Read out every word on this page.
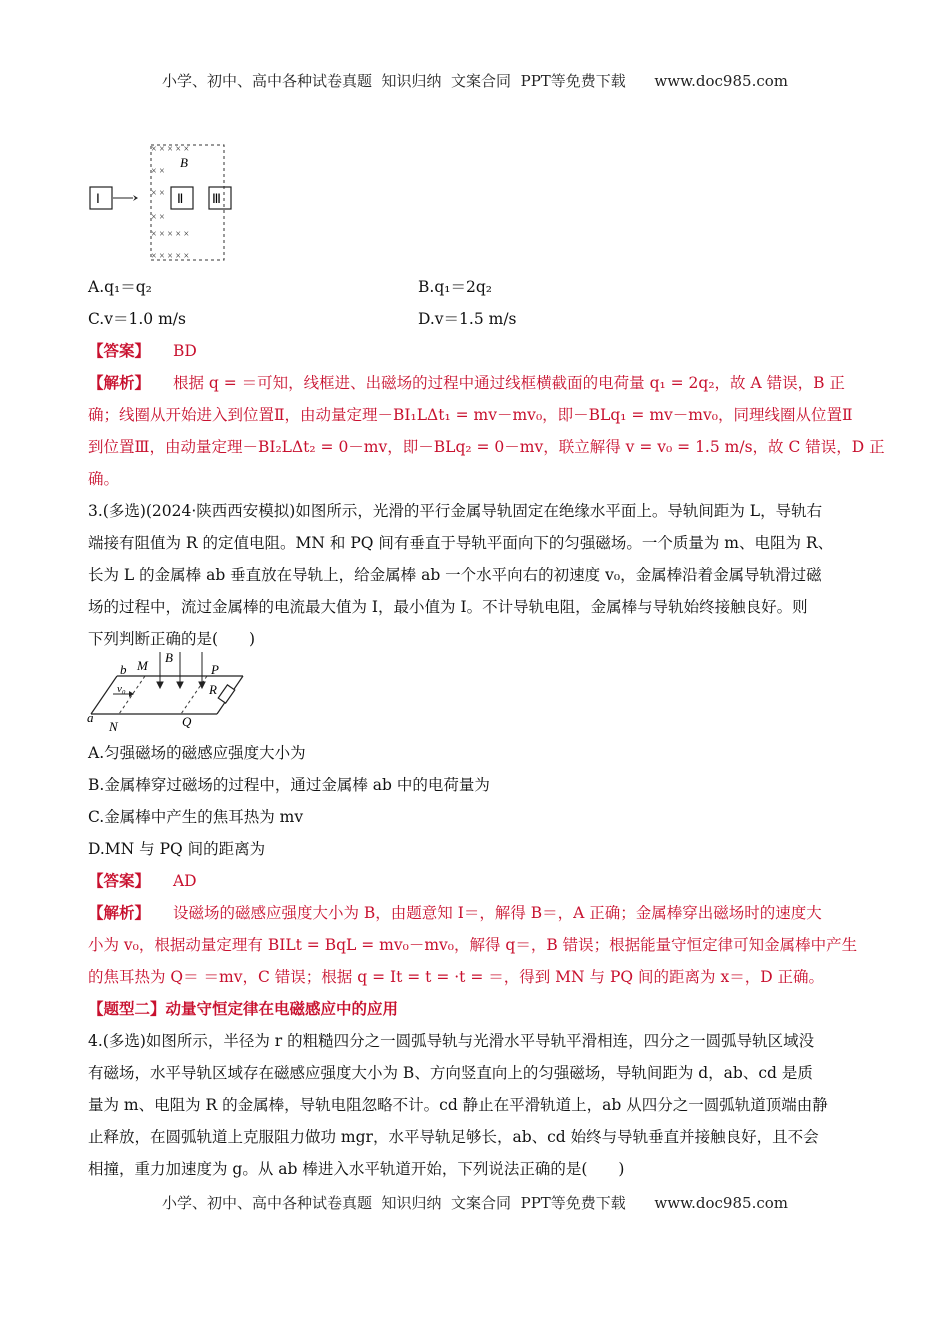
小学、初中、高中各种试卷真题  知识归纳  文案合同  PPT等免费下载      www.doc985.com
× × × × ×
× ×
× ×
× ×
× × × × ×
× × × × ×
B
Ⅰ	Ⅱ Ⅲ
A.q₁＝q₂	B.q₁＝2q₂
C.v＝1.0 m/s	D.v＝1.5 m/s
【答案】 BD
【解析】 根据 q = ＝可知，线框进、出磁场的过程中通过线框横截面的电荷量 q₁ = 2q₂，故 A 错误，B 正
确；线圈从开始进入到位置Ⅱ，由动量定理－BI₁LΔt₁ = mv－mv₀，即－BLq₁ = mv－mv₀，同理线圈从位置Ⅱ
到位置Ⅲ，由动量定理－BI₂LΔt₂ = 0－mv，即－BLq₂ = 0－mv，联立解得 v = v₀ = 1.5 m/s，故 C 错误，D 正
确。
3.(多选)(2024·陕西西安模拟)如图所示，光滑的平行金属导轨固定在绝缘水平面上。导轨间距为 L，导轨右
端接有阻值为 R 的定值电阻。MN 和 PQ 间有垂直于导轨平面向下的匀强磁场。一个质量为 m、电阻为 R、
长为 L 的金属棒 ab 垂直放在导轨上，给金属棒 ab 一个水平向右的初速度 v₀，金属棒沿着金属导轨滑过磁
场的过程中，流过金属棒的电流最大值为 I，最小值为 I。不计导轨电阻，金属棒与导轨始终接触良好。则
下列判断正确的是(　　)
b M
B
P
v₀	R
a
N	Q
A.匀强磁场的磁感应强度大小为
B.金属棒穿过磁场的过程中，通过金属棒 ab 中的电荷量为
C.金属棒中产生的焦耳热为 mv
D.MN 与 PQ 间的距离为
【答案】 AD
【解析】 设磁场的磁感应强度大小为 B，由题意知 I＝，解得 B＝，A 正确；金属棒穿出磁场时的速度大
小为 v₀，根据动量定理有 BILt = BqL = mv₀－mv₀，解得 q＝，B 错误；根据能量守恒定律可知金属棒中产生
的焦耳热为 Q＝ ＝mv，C 错误；根据 q = It = t = ·t = ＝，得到 MN 与 PQ 间的距离为 x＝，D 正确。
【题型二】动量守恒定律在电磁感应中的应用
4.(多选)如图所示，半径为 r 的粗糙四分之一圆弧导轨与光滑水平导轨平滑相连，四分之一圆弧导轨区域没
有磁场，水平导轨区域存在磁感应强度大小为 B、方向竖直向上的匀强磁场，导轨间距为 d，ab、cd 是质
量为 m、电阻为 R 的金属棒，导轨电阻忽略不计。cd 静止在平滑轨道上，ab 从四分之一圆弧轨道顶端由静
止释放，在圆弧轨道上克服阻力做功 mgr，水平导轨足够长，ab、cd 始终与导轨垂直并接触良好，且不会
相撞，重力加速度为 g。从 ab 棒进入水平轨道开始，下列说法正确的是(　　)
小学、初中、高中各种试卷真题  知识归纳  文案合同  PPT等免费下载      www.doc985.com
